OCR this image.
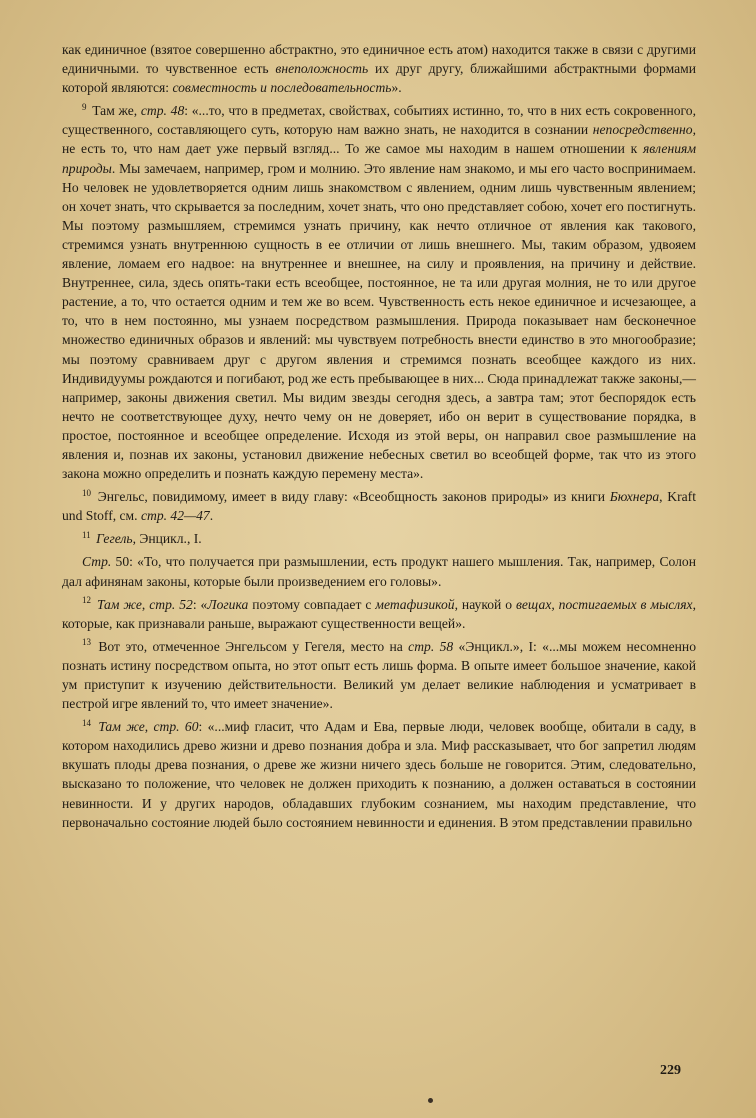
как единичное (взятое совершенно абстрактно, это единичное есть атом) находится также в связи с другими единичными. то чувственное есть внеположность их друг другу, ближайшими абстрактными формами которой являются: совместность и последовательность».

$^9$ Там же, стр. 48: «...то, что в предметах, свойствах, событиях истинно, то, что в них есть сокровенного, существенного, составляющего суть, которую нам важно знать, не находится в сознании непосредственно, не есть то, что нам дает уже первый взгляд... То же самое мы находим в нашем отношении к явлениям природы. Мы замечаем, например, гром и молнию. Это явление нам знакомо, и мы его часто воспринимаем. Но человек не удовлетворяется одним лишь знакомством с явлением, одним лишь чувственным явлением; он хочет знать, что скрывается за последним, хочет знать, что оно представляет собою, хочет его постигнуть. Мы поэтому размышляем, стремимся узнать причину, как нечто отличное от явления как такового, стремимся узнать внутреннюю сущность в ее отличии от лишь внешнего. Мы, таким образом, удвояем явление, ломаем его надвое: на внутреннее и внешнее, на силу и проявления, на причину и действие. Внутреннее, сила, здесь опять-таки есть всеобщее, постоянное, не та или другая молния, не то или другое растение, а то, что остается одним и тем же во всем. Чувственность есть некое единичное и исчезающее, а то, что в нем постоянно, мы узнаем посредством размышления. Природа показывает нам бесконечное множество единичных образов и явлений: мы чувствуем потребность внести единство в это многообразие; мы поэтому сравниваем друг с другом явления и стремимся познать всеобщее каждого из них. Индивидуумы рождаются и погибают, род же есть пребывающее в них... Сюда принадлежат также законы,— например, законы движения светил. Мы видим звезды сегодня здесь, а завтра там; этот беспорядок есть нечто не соответствующее духу, нечто чему он не доверяет, ибо он верит в существование порядка, в простое, постоянное и всеобщее определение. Исходя из этой веры, он направил свое размышление на явления и, познав их законы, установил движение небесных светил во всеобщей форме, так что из этого закона можно определить и познать каждую перемену места».

$^{10}$ Энгельс, повидимому, имеет в виду главу: «Всеобщность законов природы» из книги Бюхнера, Kraft und Stoff, см. стр. 42—47.

$^{11}$ Гегель, Энцикл., I.

Стр. 50: «То, что получается при размышлении, есть продукт нашего мышления. Так, например, Солон дал афинянам законы, которые были произведением его головы».

$^{12}$ Там же, стр. 52: «Логика поэтому совпадает с метафизикой, наукой о вещах, постигаемых в мыслях, которые, как признавали раньше, выражают существенности вещей».

$^{13}$ Вот это, отмеченное Энгельсом у Гегеля, место на стр. 58 «Энцикл.», I: «...мы можем несомненно познать истину посредством опыта, но этот опыт есть лишь форма. В опыте имеет большое значение, какой ум приступит к изучению действительности. Великий ум делает великие наблюдения и усматривает в пестрой игре явлений то, что имеет значение».

$^{14}$ Там же, стр. 60: «...миф гласит, что Адам и Ева, первые люди, человек вообще, обитали в саду, в котором находились древо жизни и древо познания добра и зла. Миф рассказывает, что бог запретил людям вкушать плоды древа познания, о древе же жизни ничего здесь больше не говорится. Этим, следовательно, высказано то положение, что человек не должен приходить к познанию, а должен оставаться в состоянии невинности. И у других народов, обладавших глубоким сознанием, мы находим представление, что первоначально состояние людей было состоянием невинности и единения. В этом представлении правильно

229
